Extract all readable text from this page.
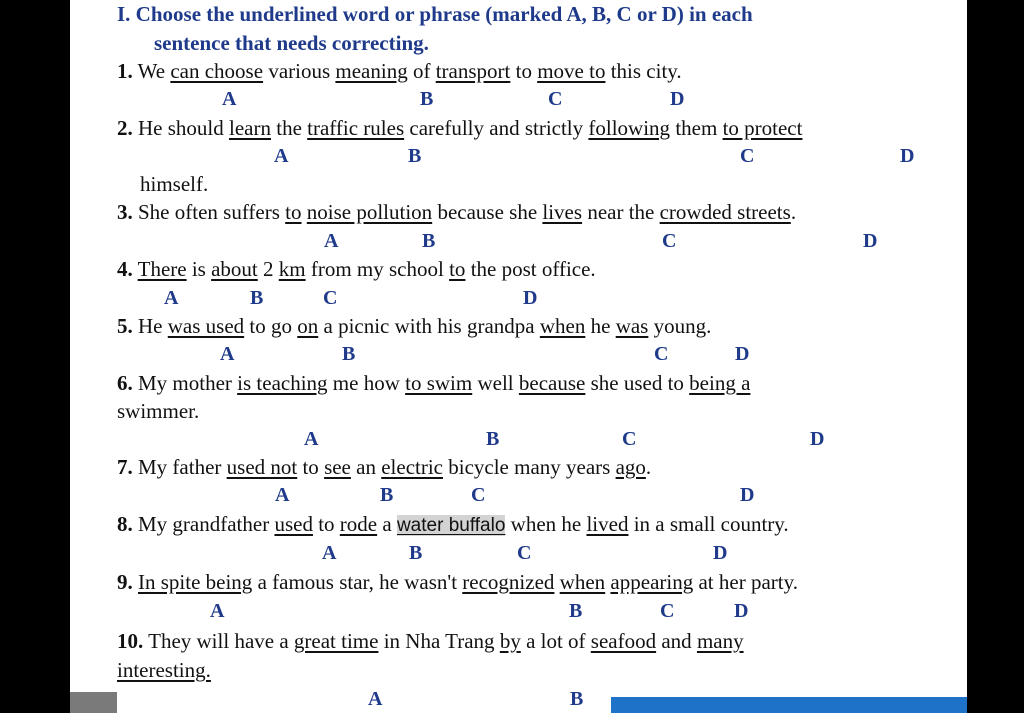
I. Choose the underlined word or phrase (marked A, B, C or D) in each
sentence that needs correcting.
1. We can choose various meaning of transport to move to this city.
A	B	C	D
2. He should learn the traffic rules carefully and strictly following them to protect
A	B	C	D
himself.
3. She often suffers to noise pollution because she lives near the crowded streets.
A	B	C	D
4. There is about 2 km from my school to the post office.
A	B	C	D
5. He was used to go on a picnic with his grandpa when he was young.
A	B	C	D
6. My mother is teaching me how to swim well because she used to being a
swimmer.
A	B	C	D
7. My father used not to see an electric bicycle many years ago.
A	B	C	D
8. My grandfather used to rode a water buffalo when he lived in a small country.
A	B	C	D
9. In spite being a famous star, he wasn't recognized when appearing at her party.
A	B	C	D
10. They will have a great time in Nha Trang by a lot of seafood and many
interesting.
A	B
